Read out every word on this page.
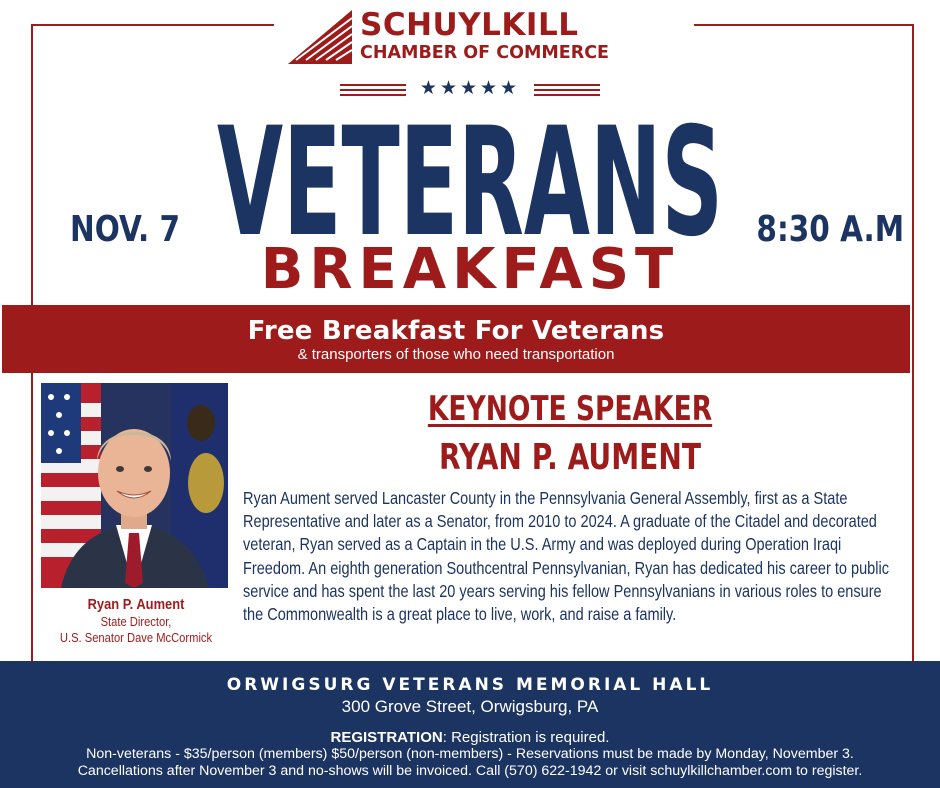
SCHUYLKILL
CHAMBER OF COMMERCE
★★★★★
VETERANS
BREAKFAST
NOV. 7	8:30 A.M
Free Breakfast For Veterans
& transporters of those who need transportation
Ryan P. Aument
State Director,
U.S. Senator Dave McCormick
KEYNOTE SPEAKER
RYAN P. AUMENT

Ryan Aument served Lancaster County in the Pennsylvania General Assembly, first as a State Representative and later as a Senator, from 2010 to 2024. A graduate of the Citadel and decorated veteran, Ryan served as a Captain in the U.S. Army and was deployed during Operation Iraqi Freedom. An eighth generation Southcentral Pennsylvanian, Ryan has dedicated his career to public service and has spent the last 20 years serving his fellow Pennsylvanians in various roles to ensure the Commonwealth is a great place to live, work, and raise a family.

ORWIGSURG VETERANS MEMORIAL HALL
300 Grove Street, Orwigsburg, PA
REGISTRATION: Registration is required.
Non-veterans - $35/person (members) $50/person (non-members) - Reservations must be made by Monday, November 3.
Cancellations after November 3 and no-shows will be invoiced. Call (570) 622-1942 or visit schuylkillchamber.com to register.
